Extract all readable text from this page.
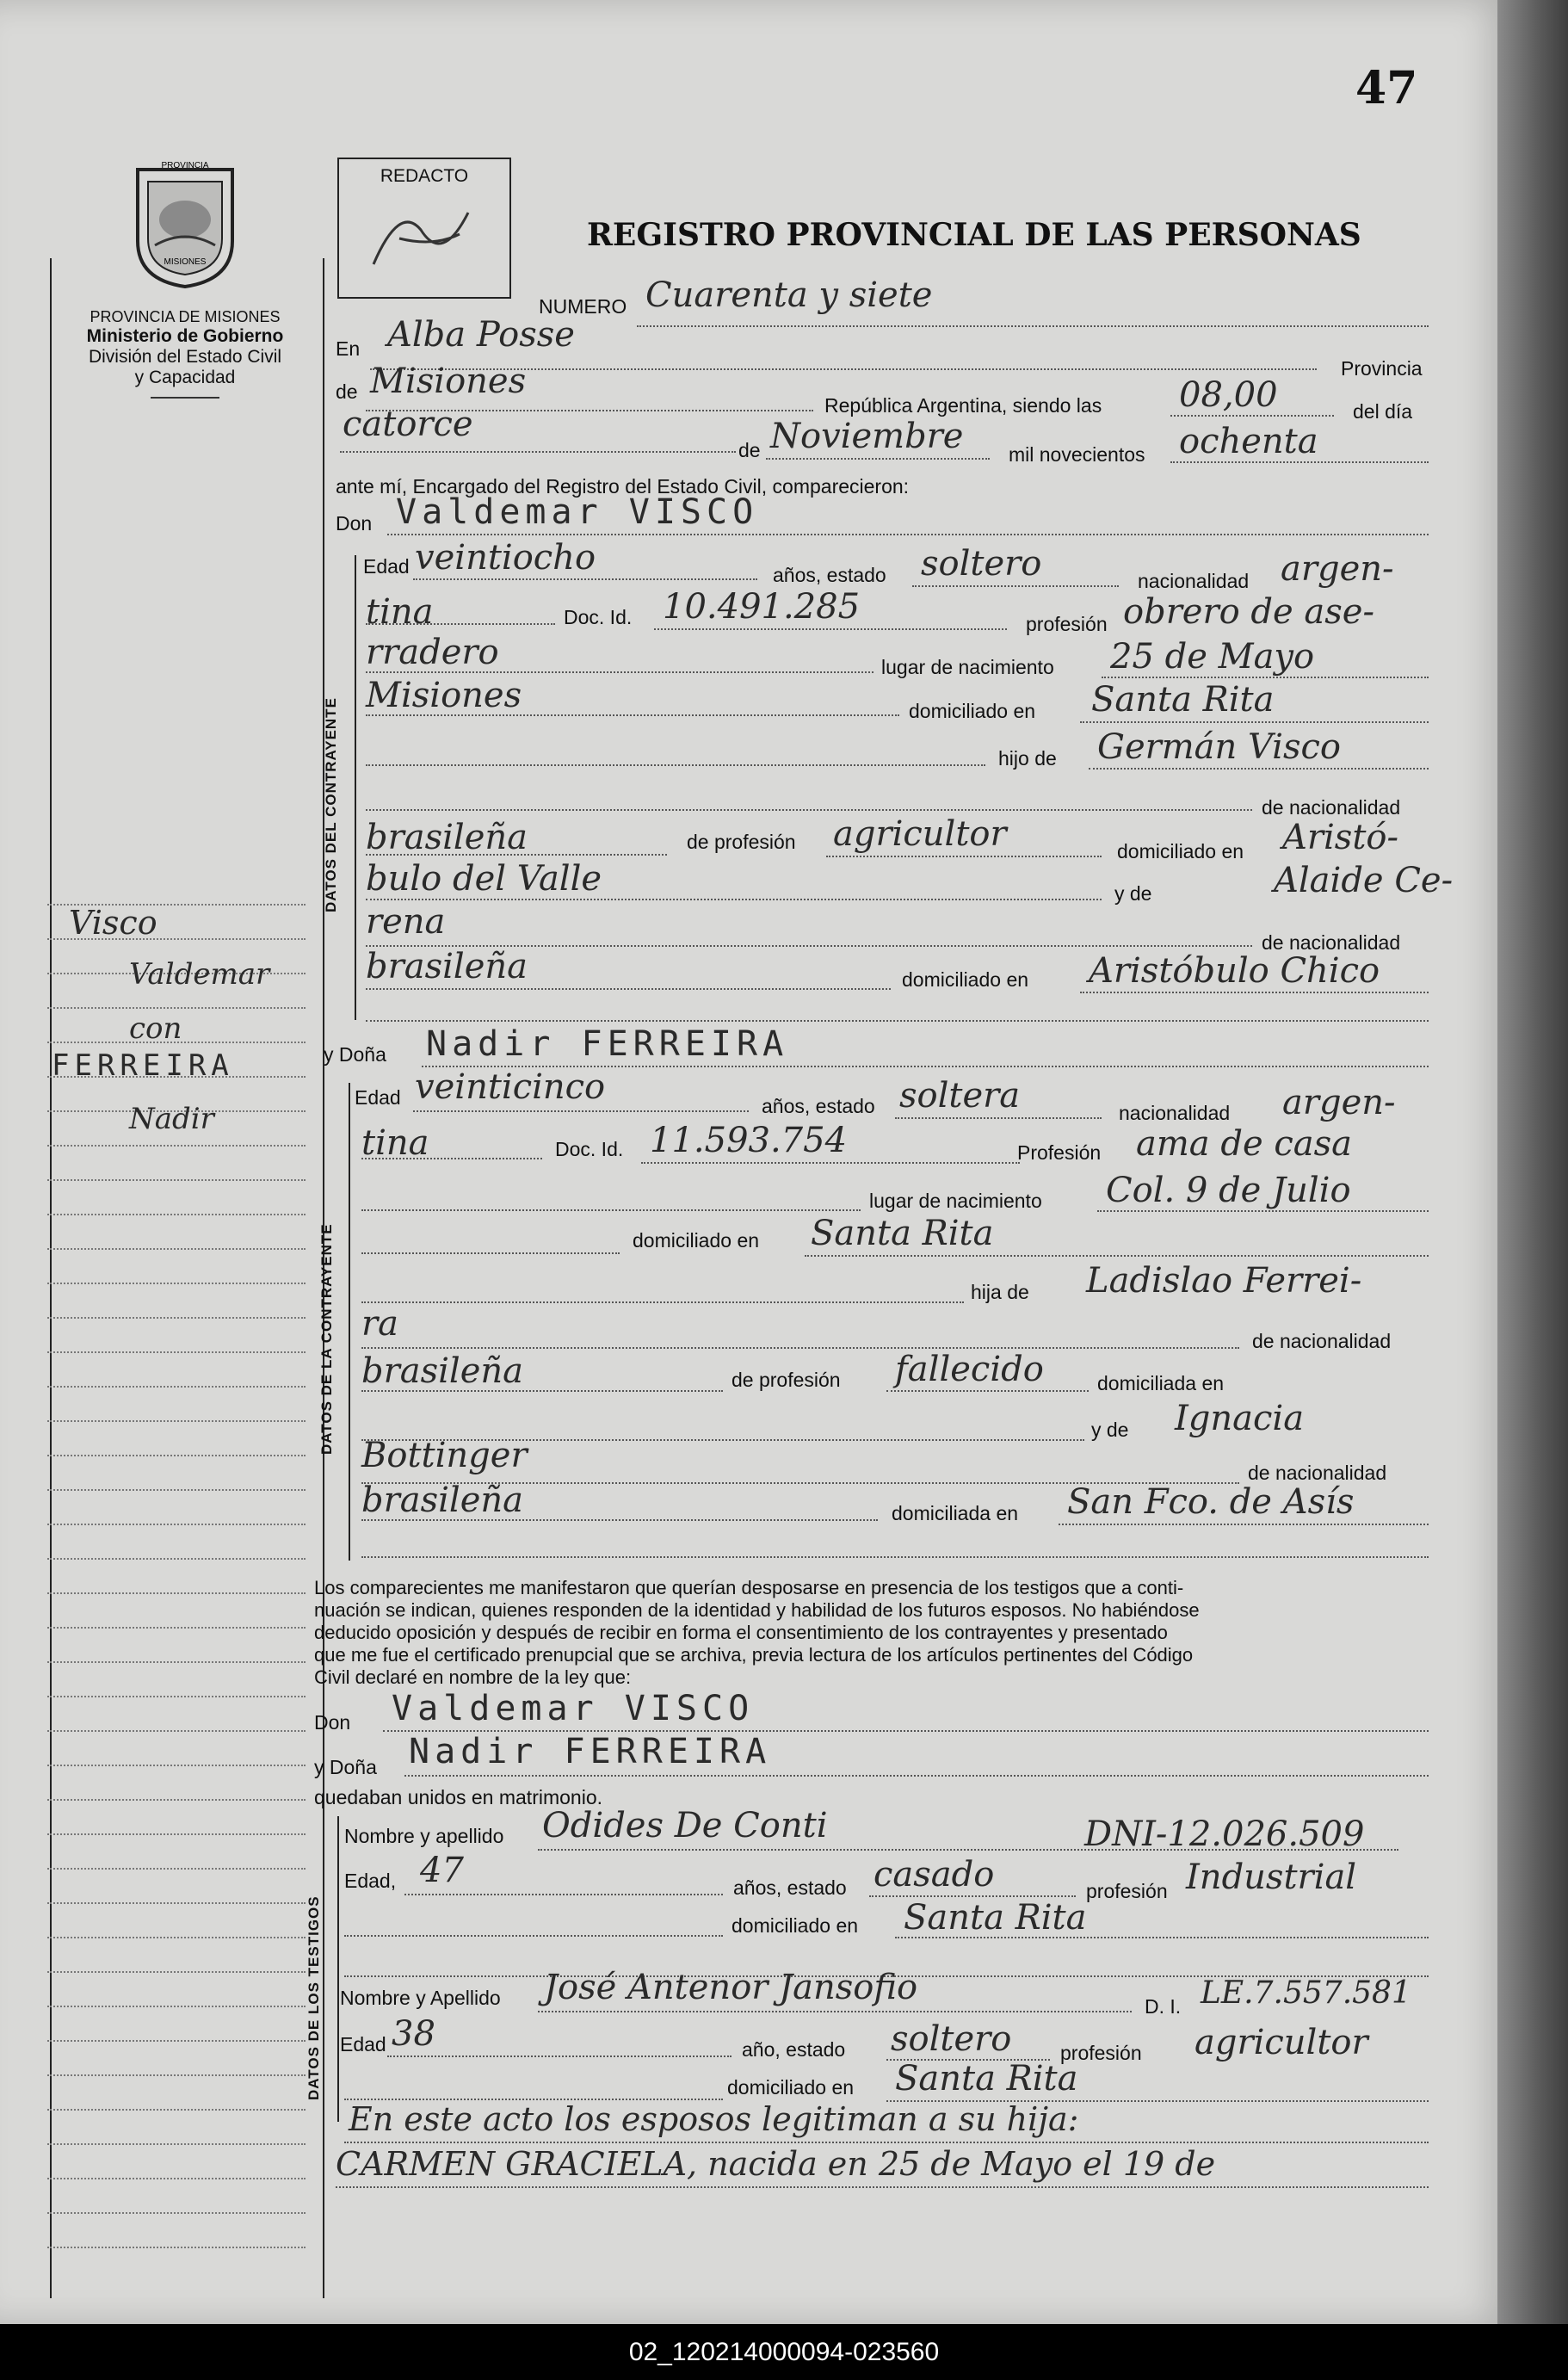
47
PROVINCIA
MISIONES
PROVINCIA DE MISIONES
Ministerio de Gobierno
División del Estado Civil
y Capacidad
REDACTO
REGISTRO PROVINCIAL DE LAS PERSONAS
Visco
Valdemar
con
FERREIRA
Nadir
NUMERO Cuarenta y siete
En Alba Posse
Provincia
de Misiones
República Argentina, siendo las 08,00	del día
catorce
de Noviembre mil novecientos ochenta
ante mí, Encargado del Registro del Estado Civil, comparecieron:
Don Valdemar VISCO
DATOS DEL CONTRAYENTE
Edad veintiocho	años, estado soltero	nacionalidad argen-
tina	Doc. Id. 10.491.285	profesión obrero de ase-
rradero	lugar de nacimiento 25 de Mayo
Misiones	domiciliado en Santa Rita
hijo de Germán Visco
de nacionalidad
brasileña	de profesión agricultor	domiciliado en Aristó-
bulo del Valle	y de	Alaide Ce-
rena
de nacionalidad
brasileña	domiciliado en Aristóbulo Chico
y Doña Nadir FERREIRA
DATOS DE LA CONTRAYENTE
Edad veinticinco	años, estado soltera	nacionalidad argen-
tina	Doc. Id. 11.593.754	Profesión ama de casa
lugar de nacimiento Col. 9 de Julio
domiciliado en Santa Rita
hija de Ladislao Ferrei-
ra	de nacionalidad
brasileña	de profesión fallecido	domiciliada en
y de Ignacia
Bottinger	de nacionalidad
brasileña	domiciliada en San Fco. de Asís
Los comparecientes me manifestaron que querían desposarse en presencia de los testigos que a conti-
nuación se indican, quienes responden de la identidad y habilidad de los futuros esposos. No habiéndose
deducido oposición y después de recibir en forma el consentimiento de los contrayentes y presentado
que me fue el certificado prenupcial que se archiva, previa lectura de los artículos pertinentes del Código
Civil declaré en nombre de la ley que:
Don Valdemar VISCO
y Doña Nadir FERREIRA
quedaban unidos en matrimonio.
DATOS DE LOS TESTIGOS
Nombre y apellido Odides De Conti	DNI-12.026.509
Edad, 47	años, estado casado	profesión Industrial
domiciliado en Santa Rita
Nombre y Apellido José Antenor Jansofio	D. I. LE.7.557.581
Edad 38	año, estado soltero profesión agricultor
domiciliado en Santa Rita
En este acto los esposos legitiman a su hija:
CARMEN GRACIELA, nacida en 25 de Mayo el 19 de
02_120214000094-023560
